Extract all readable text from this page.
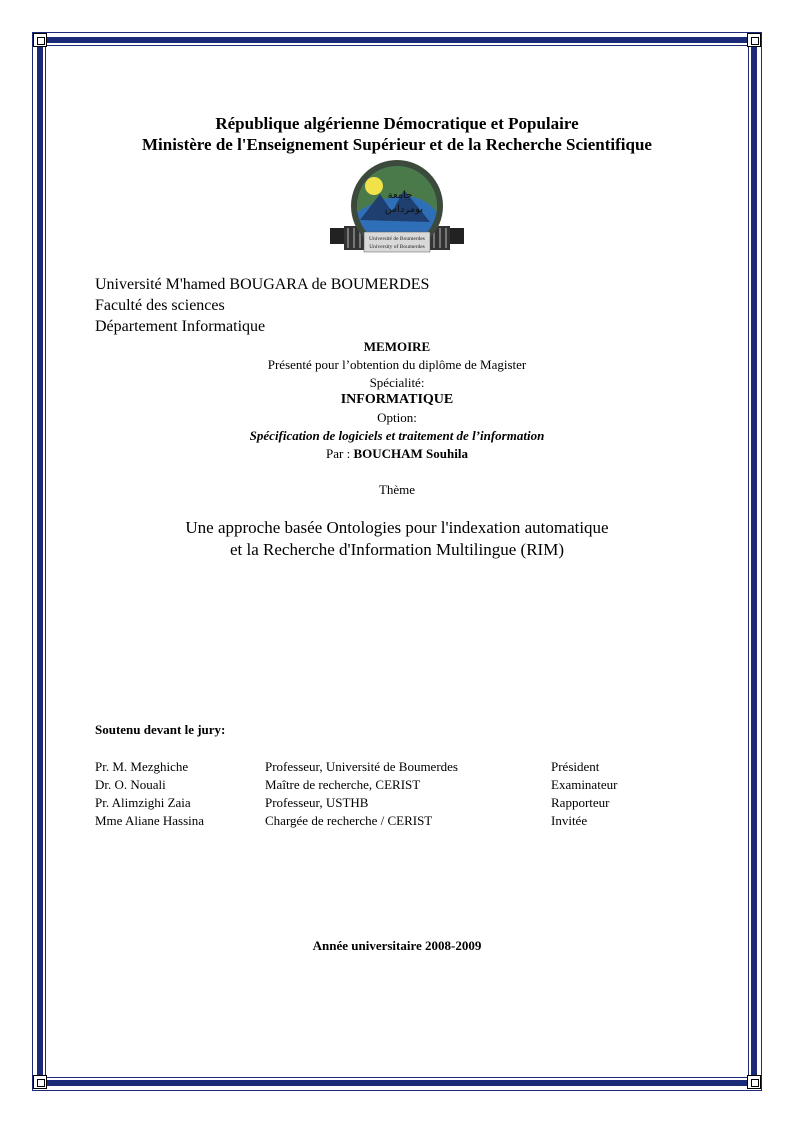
République algérienne Démocratique et Populaire
Ministère de l'Enseignement Supérieur et de la Recherche Scientifique
جامعة
بومرداس
Université de Boumerdes
University of Boumerdes
Université M'hamed BOUGARA de BOUMERDES
Faculté des sciences
Département Informatique
MEMOIRE
Présenté pour l’obtention du diplôme de Magister
Spécialité:
INFORMATIQUE
Option:
Spécification de logiciels et traitement de l’information
Par : BOUCHAM Souhila
Thème
Une approche basée Ontologies pour l'indexation automatique
et la Recherche d'Information Multilingue (RIM)
Soutenu devant le jury:
Pr. M. Mezghiche	Professeur, Université de Boumerdes	Président
Dr. O. Nouali	Maître de recherche, CERIST	Examinateur
Pr. Alimzighi Zaia	Professeur, USTHB	Rapporteur
Mme Aliane Hassina	Chargée de recherche / CERIST	Invitée
Année universitaire 2008-2009
